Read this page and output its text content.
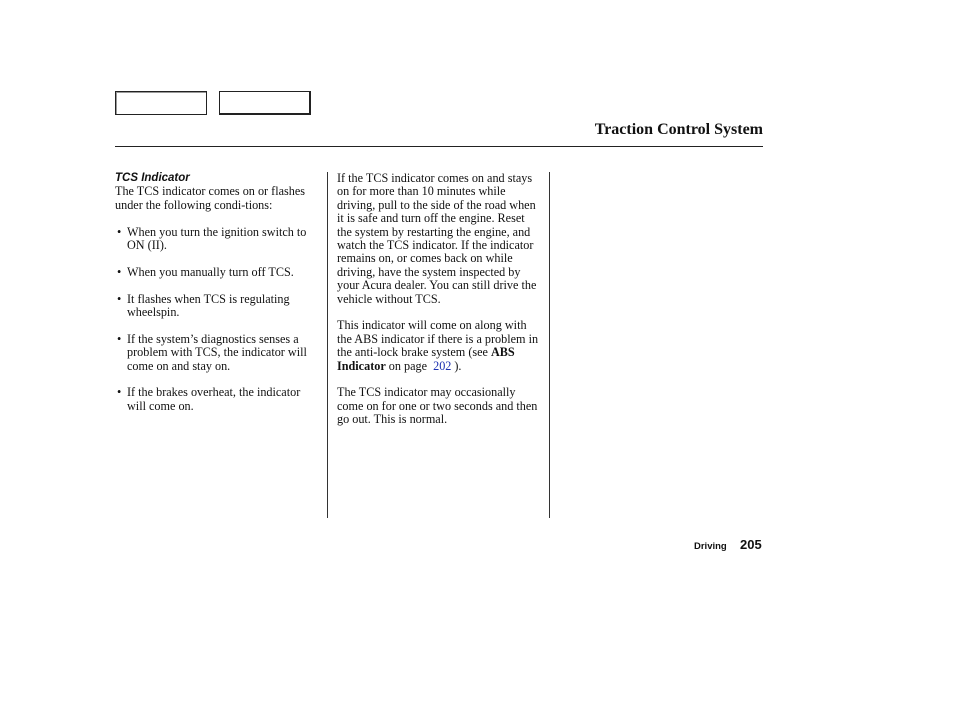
Traction Control System
TCS Indicator

The TCS indicator comes on or flashes under the following condi-tions:

• When you turn the ignition switch to ON (II).
• When you manually turn off TCS.
• It flashes when TCS is regulating wheelspin.
• If the system’s diagnostics senses a problem with TCS, the indicator will come on and stay on.
• If the brakes overheat, the indicator will come on.

If the TCS indicator comes on and stays on for more than 10 minutes while driving, pull to the side of the road when it is safe and turn off the engine. Reset the system by restarting the engine, and watch the TCS indicator. If the indicator remains on, or comes back on while driving, have the system inspected by your Acura dealer. You can still drive the vehicle without TCS.

This indicator will come on along with the ABS indicator if there is a problem in the anti-lock brake system (see ABS Indicator on page 202 ).

The TCS indicator may occasionally come on for one or two seconds and then go out. This is normal.

Driving 205
